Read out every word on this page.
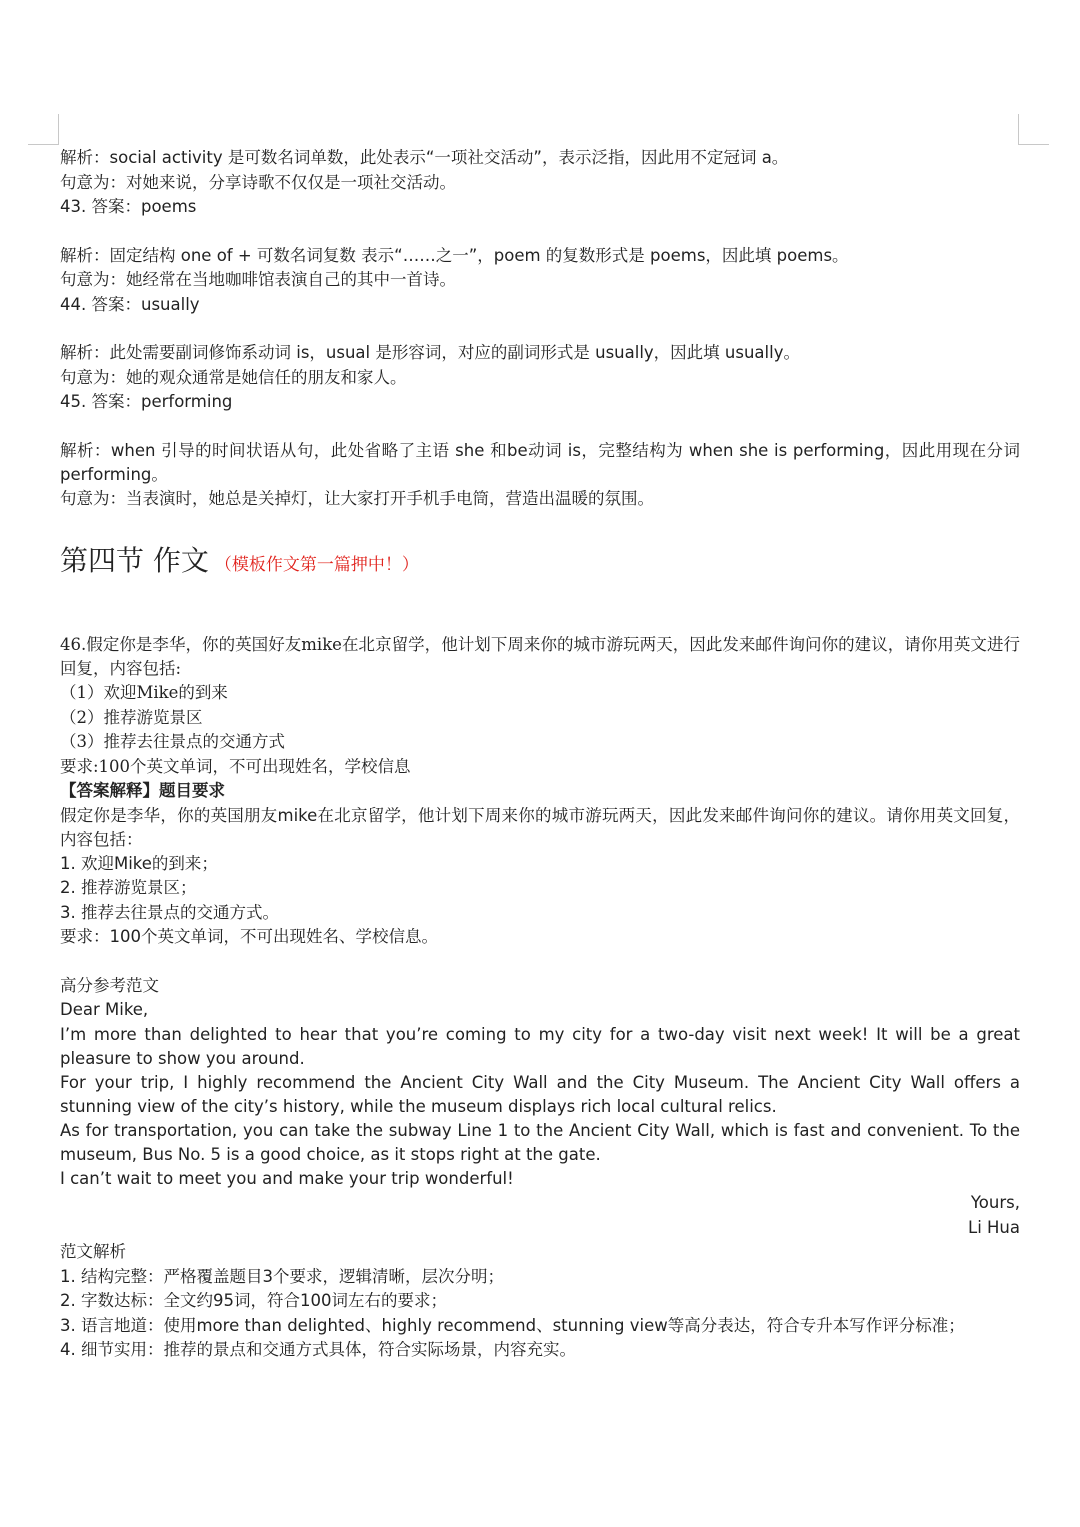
解析：social activity 是可数名词单数，此处表示“一项社交活动”，表示泛指，因此用不定冠词 a。
句意为：对她来说，分享诗歌不仅仅是一项社交活动。
43. 答案：poems
解析：固定结构 one of + 可数名词复数 表示“……之一”，poem 的复数形式是 poems，因此填 poems。
句意为：她经常在当地咖啡馆表演自己的其中一首诗。
44. 答案：usually
解析：此处需要副词修饰系动词 is，usual 是形容词，对应的副词形式是 usually，因此填 usually。
句意为：她的观众通常是她信任的朋友和家人。
45. 答案：performing
解析：when 引导的时间状语从句，此处省略了主语 she 和be动词 is，完整结构为 when she is performing，因此用现在分词 performing。
句意为：当表演时，她总是关掉灯，让大家打开手机手电筒，营造出温暖的氛围。
第四节 作文 （模板作文第一篇押中！）
46.假定你是李华，你的英国好友mike在北京留学，他计划下周来你的城市游玩两天，因此发来邮件询问你的建议，请你用英文进行回复，内容包括:
（1）欢迎Mike的到来
（2）推荐游览景区
（3）推荐去往景点的交通方式
要求:100个英文单词，不可出现姓名，学校信息
【答案解释】题目要求
假定你是李华，你的英国朋友mike在北京留学，他计划下周来你的城市游玩两天，因此发来邮件询问你的建议。请你用英文回复，内容包括：
1. 欢迎Mike的到来；
2. 推荐游览景区；
3. 推荐去往景点的交通方式。
要求：100个英文单词，不可出现姓名、学校信息。
高分参考范文
Dear Mike,
I’m more than delighted to hear that you’re coming to my city for a two-day visit next week! It will be a great pleasure to show you around.
For your trip, I highly recommend the Ancient City Wall and the City Museum. The Ancient City Wall offers a stunning view of the city’s history, while the museum displays rich local cultural relics.
As for transportation, you can take the subway Line 1 to the Ancient City Wall, which is fast and convenient. To the museum, Bus No. 5 is a good choice, as it stops right at the gate.
I can’t wait to meet you and make your trip wonderful!
Yours,
Li Hua
范文解析
1. 结构完整：严格覆盖题目3个要求，逻辑清晰，层次分明；
2. 字数达标：全文约95词，符合100词左右的要求；
3. 语言地道：使用more than delighted、highly recommend、stunning view等高分表达，符合专升本写作评分标准；
4. 细节实用：推荐的景点和交通方式具体，符合实际场景，内容充实。
